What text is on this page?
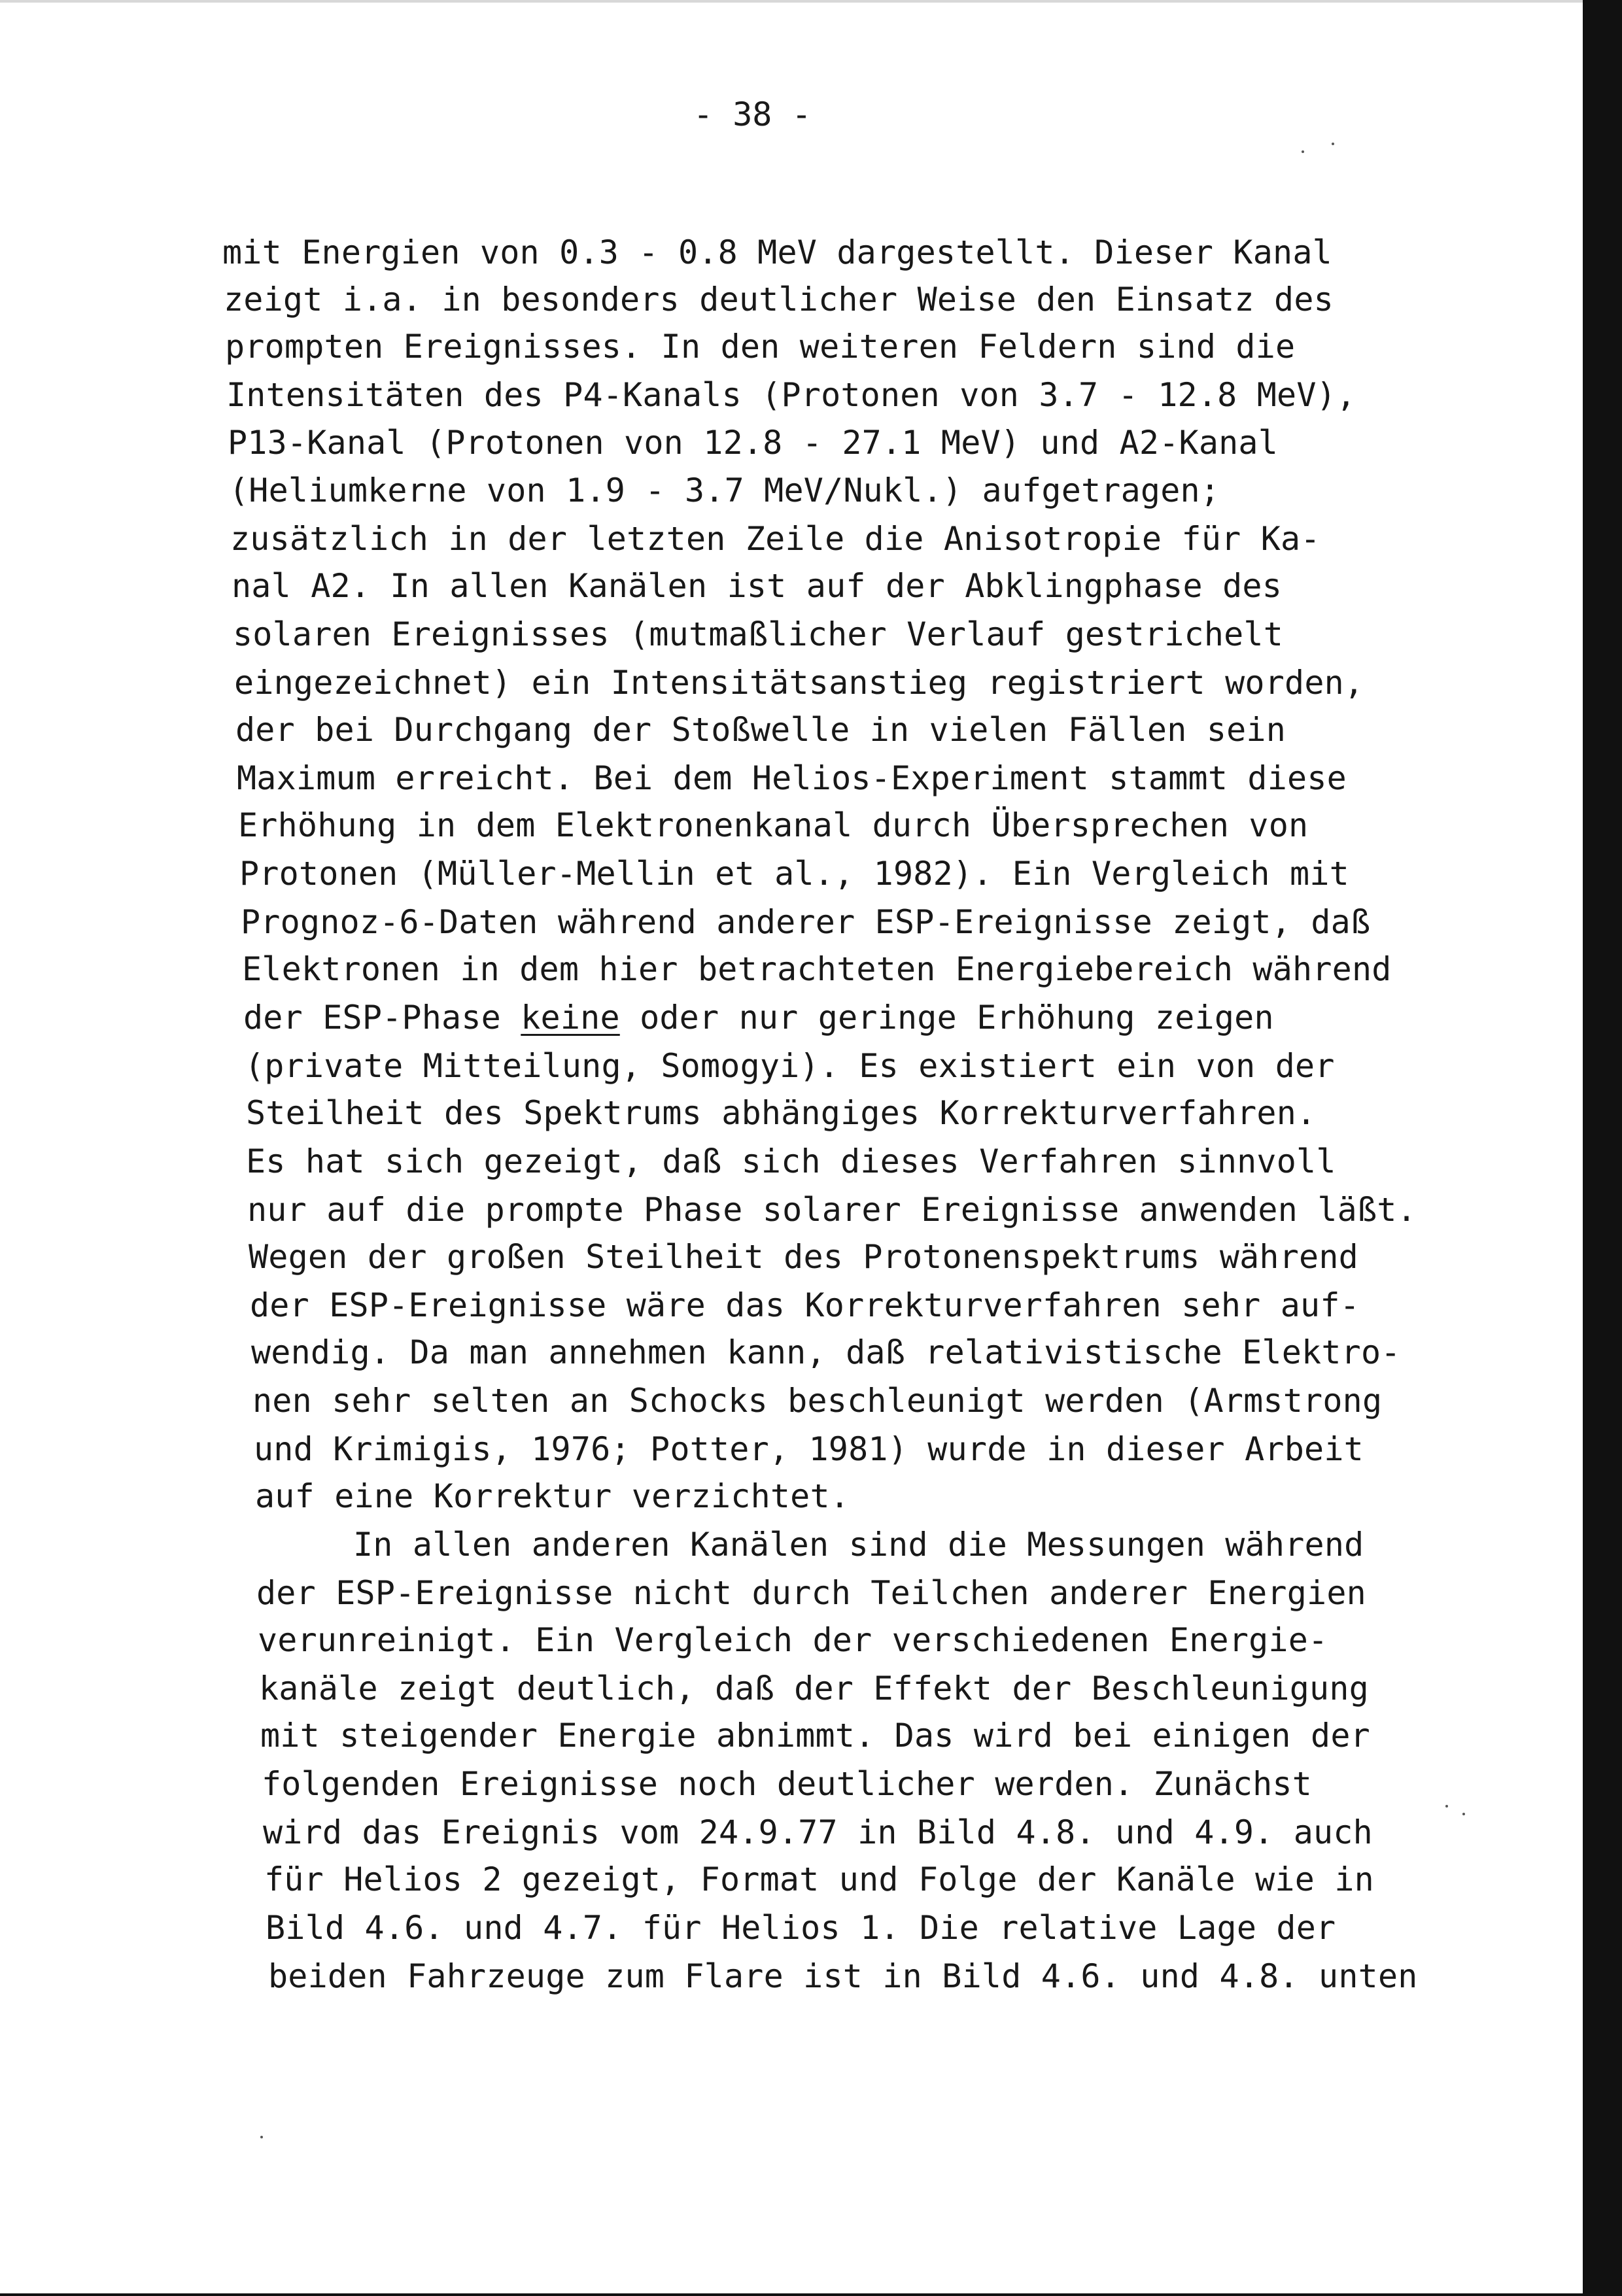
- 38 -
mit Energien von 0.3 - 0.8 MeV dargestellt. Dieser Kanal
zeigt i.a. in besonders deutlicher Weise den Einsatz des
prompten Ereignisses. In den weiteren Feldern sind die
Intensitäten des P4-Kanals (Protonen von 3.7 - 12.8 MeV),
P13-Kanal (Protonen von 12.8 - 27.1 MeV) und A2-Kanal
(Heliumkerne von 1.9 - 3.7 MeV/Nukl.) aufgetragen;
zusätzlich in der letzten Zeile die Anisotropie für Ka-
nal A2. In allen Kanälen ist auf der Abklingphase des
solaren Ereignisses (mutmaßlicher Verlauf gestrichelt
eingezeichnet) ein Intensitätsanstieg registriert worden,
der bei Durchgang der Stoßwelle in vielen Fällen sein
Maximum erreicht. Bei dem Helios-Experiment stammt diese
Erhöhung in dem Elektronenkanal durch Übersprechen von
Protonen (Müller-Mellin et al., 1982). Ein Vergleich mit
Prognoz-6-Daten während anderer ESP-Ereignisse zeigt, daß
Elektronen in dem hier betrachteten Energiebereich während
der ESP-Phase keine oder nur geringe Erhöhung zeigen
(private Mitteilung, Somogyi). Es existiert ein von der
Steilheit des Spektrums abhängiges Korrekturverfahren.
Es hat sich gezeigt, daß sich dieses Verfahren sinnvoll
nur auf die prompte Phase solarer Ereignisse anwenden läßt.
Wegen der großen Steilheit des Protonenspektrums während
der ESP-Ereignisse wäre das Korrekturverfahren sehr auf-
wendig. Da man annehmen kann, daß relativistische Elektro-
nen sehr selten an Schocks beschleunigt werden (Armstrong
und Krimigis, 1976; Potter, 1981) wurde in dieser Arbeit
auf eine Korrektur verzichtet.
In allen anderen Kanälen sind die Messungen während
der ESP-Ereignisse nicht durch Teilchen anderer Energien
verunreinigt. Ein Vergleich der verschiedenen Energie-
kanäle zeigt deutlich, daß der Effekt der Beschleunigung
mit steigender Energie abnimmt. Das wird bei einigen der
folgenden Ereignisse noch deutlicher werden. Zunächst
wird das Ereignis vom 24.9.77 in Bild 4.8. und 4.9. auch
für Helios 2 gezeigt, Format und Folge der Kanäle wie in
Bild 4.6. und 4.7. für Helios 1. Die relative Lage der
beiden Fahrzeuge zum Flare ist in Bild 4.6. und 4.8. unten
